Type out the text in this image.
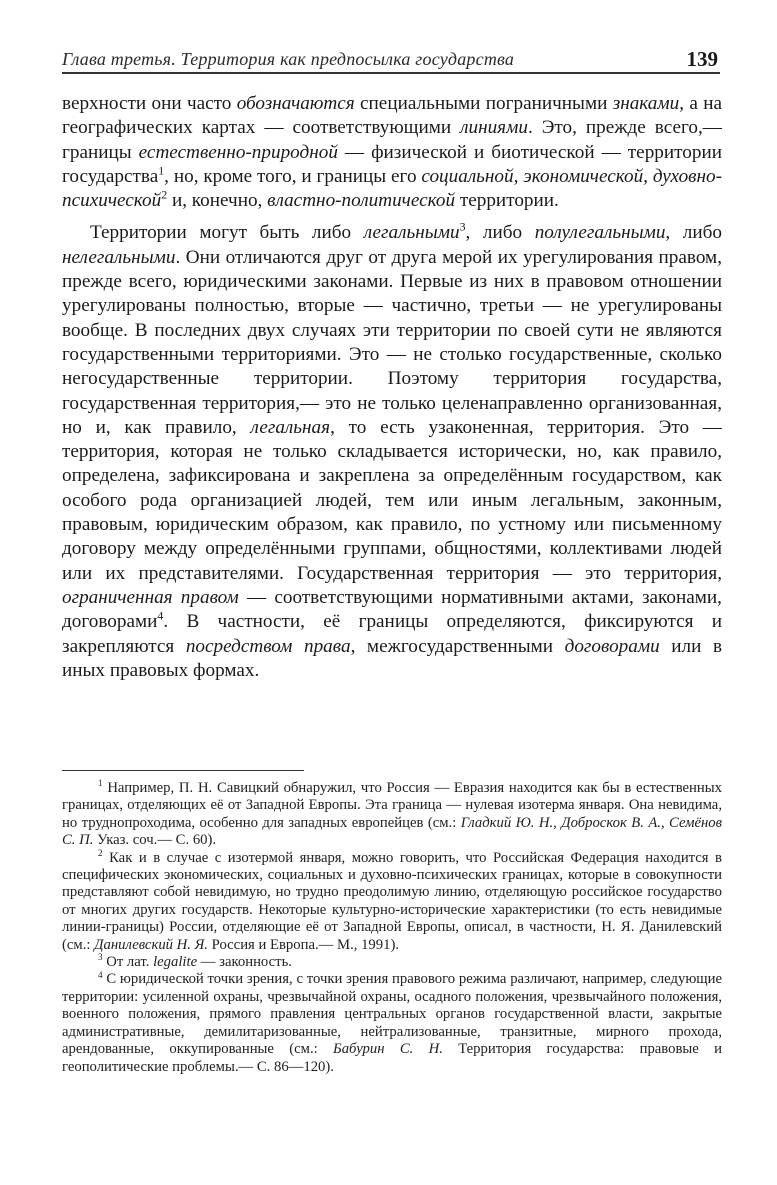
Глава третья. Территория как предпосылка государства	139

верхности они часто обозначаются специальными пограничными знаками, а на географических картах — соответствующими линиями. Это, прежде всего,— границы естественно-природной — физической и биотической — территории государства$^1$, но, кроме того, и границы его социальной, экономической, духовно-психической$^2$ и, конечно, властно-политической территории.

Территории могут быть либо легальными$^3$, либо полулегальными, либо нелегальными. Они отличаются друг от друга мерой их урегулирования правом, прежде всего, юридическими законами. Первые из них в правовом отношении урегулированы полностью, вторые — частично, третьи — не урегулированы вообще. В последних двух случаях эти территории по своей сути не являются государственными территориями. Это — не столько государственные, сколько негосударственные территории. Поэтому территория государства, государственная территория,— это не только целенаправленно организованная, но и, как правило, легальная, то есть узаконенная, территория. Это — территория, которая не только складывается исторически, но, как правило, определена, зафиксирована и закреплена за определённым государством, как особого рода организацией людей, тем или иным легальным, законным, правовым, юридическим образом, как правило, по устному или письменному договору между определёнными группами, общностями, коллективами людей или их представителями. Государственная территория — это территория, ограниченная правом — соответствующими нормативными актами, законами, договорами$^4$. В частности, её границы определяются, фиксируются и закрепляются посредством права, межгосударственными договорами или в иных правовых формах.

$^1$ Например, П. Н. Савицкий обнаружил, что Россия — Евразия находится как бы в естественных границах, отделяющих её от Западной Европы. Эта граница — нулевая изотерма января. Она невидима, но труднопроходима, особенно для западных европейцев (см.: Гладкий Ю. Н., Доброскок В. А., Семёнов С. П. Указ. соч.— С. 60).

$^2$ Как и в случае с изотермой января, можно говорить, что Российская Федерация находится в специфических экономических, социальных и духовно-психических границах, которые в совокупности представляют собой невидимую, но трудно преодолимую линию, отделяющую российское государство от многих других государств. Некоторые культурно-исторические характеристики (то есть невидимые линии-границы) России, отделяющие её от Западной Европы, описал, в частности, Н. Я. Данилевский (см.: Данилевский Н. Я. Россия и Европа.— М., 1991).

$^3$ От лат. legalite — законность.

$^4$ С юридической точки зрения, с точки зрения правового режима различают, например, следующие территории: усиленной охраны, чрезвычайной охраны, осадного положения, чрезвычайного положения, военного положения, прямого правления центральных органов государственной власти, закрытые административные, демилитаризованные, нейтрализованные, транзитные, мирного прохода, арендованные, оккупированные (см.: Бабурин С. Н. Территория государства: правовые и геополитические проблемы.— С. 86—120).
